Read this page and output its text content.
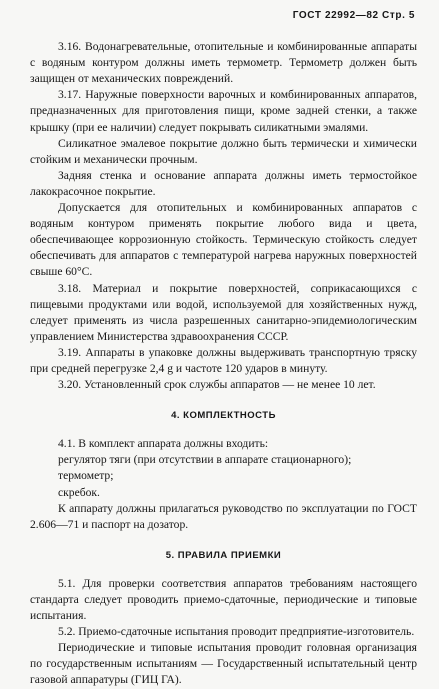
ГОСТ 22992—82 Стр. 5

3.16. Водонагревательные, отопительные и комбинированные аппараты с водяным контуром должны иметь термометр. Термометр должен быть защищен от механических повреждений.

3.17. Наружные поверхности варочных и комбинированных аппаратов, предназначенных для приготовления пищи, кроме задней стенки, а также крышку (при ее наличии) следует покрывать силикатными эмалями.

Силикатное эмалевое покрытие должно быть термически и химически стойким и механически прочным.

Задняя стенка и основание аппарата должны иметь термостойкое лакокрасочное покрытие.

Допускается для отопительных и комбинированных аппаратов с водяным контуром применять покрытие любого вида и цвета, обеспечивающее коррозионную стойкость. Термическую стойкость следует обеспечивать для аппаратов с температурой нагрева наружных поверхностей свыше 60°С.

3.18. Материал и покрытие поверхностей, соприкасающихся с пищевыми продуктами или водой, используемой для хозяйственных нужд, следует применять из числа разрешенных санитарно-эпидемиологическим управлением Министерства здравоохранения СССР.

3.19. Аппараты в упаковке должны выдерживать транспортную тряску при средней перегрузке 2,4 g и частоте 120 ударов в минуту.

3.20. Установленный срок службы аппаратов — не менее 10 лет.

4. КОМПЛЕКТНОСТЬ

4.1. В комплект аппарата должны входить:

регулятор тяги (при отсутствии в аппарате стационарного);

термометр;

скребок.

К аппарату должны прилагаться руководство по эксплуатации по ГОСТ 2.606—71 и паспорт на дозатор.

5. ПРАВИЛА ПРИЕМКИ

5.1. Для проверки соответствия аппаратов требованиям настоящего стандарта следует проводить приемо-сдаточные, периодические и типовые испытания.

5.2. Приемо-сдаточные испытания проводит предприятие-изготовитель.

Периодические и типовые испытания проводит головная организация по государственным испытаниям — Государственный испытательный центр газовой аппаратуры (ГИЦ ГА).
